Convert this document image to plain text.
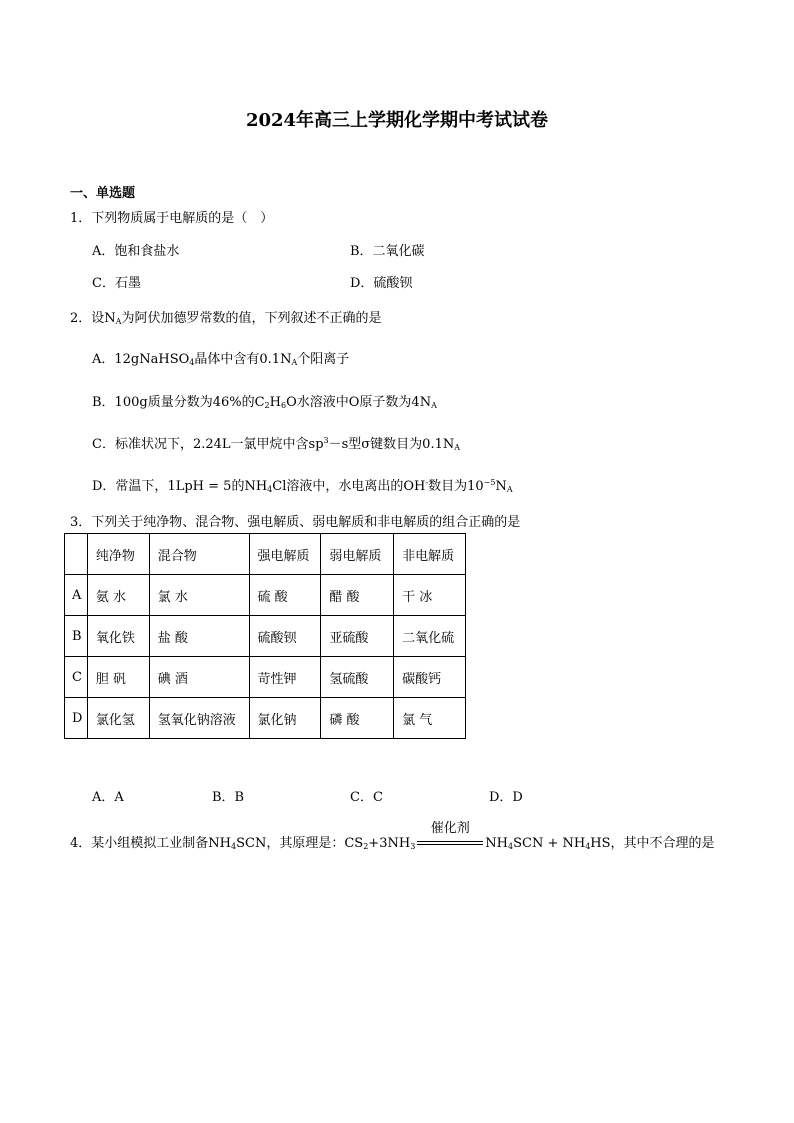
2024年高三上学期化学期中考试试卷
一、单选题
1．下列物质属于电解质的是（　）
A．饱和食盐水	B．二氧化碳
C．石墨	D．硫酸钡
2．设$N_A$为阿伏加德罗常数的值，下列叙述不正确的是
A．12gNaHSO$_4$晶体中含有$0.1N_A$个阳离子
B．100g质量分数为46%的$C_2H_6O$水溶液中O原子数为$4N_A$
C．标准状况下，2.24L一氯甲烷中含$sp^3-s$型σ键数目为$0.1N_A$
D．常温下，1LpH = 5的$NH_4Cl$溶液中，水电离出的OH-数目为$10^{-5}N_A$
3．下列关于纯净物、混合物、强电解质、弱电解质和非电解质的组合正确的是
	纯净物	混合物	强电解质	弱电解质	非电解质
A	氨 水	氯 水	硫 酸	醋 酸	干 冰
B	氧化铁	盐 酸	硫酸钡	亚硫酸	二氧化硫
C	胆 矾	碘 酒	苛性钾	氢硫酸	碳酸钙
D	氯化氢	氢氧化钠溶液	氯化钠	磷 酸	氯 气
A．A	B．B	C．C	D．D
4．某小组模拟工业制备$NH_4SCN$，其原理是：$CS_2+3NH_3$
催化剂
$NH_4SCN + NH_4HS$，其中不合理的是
